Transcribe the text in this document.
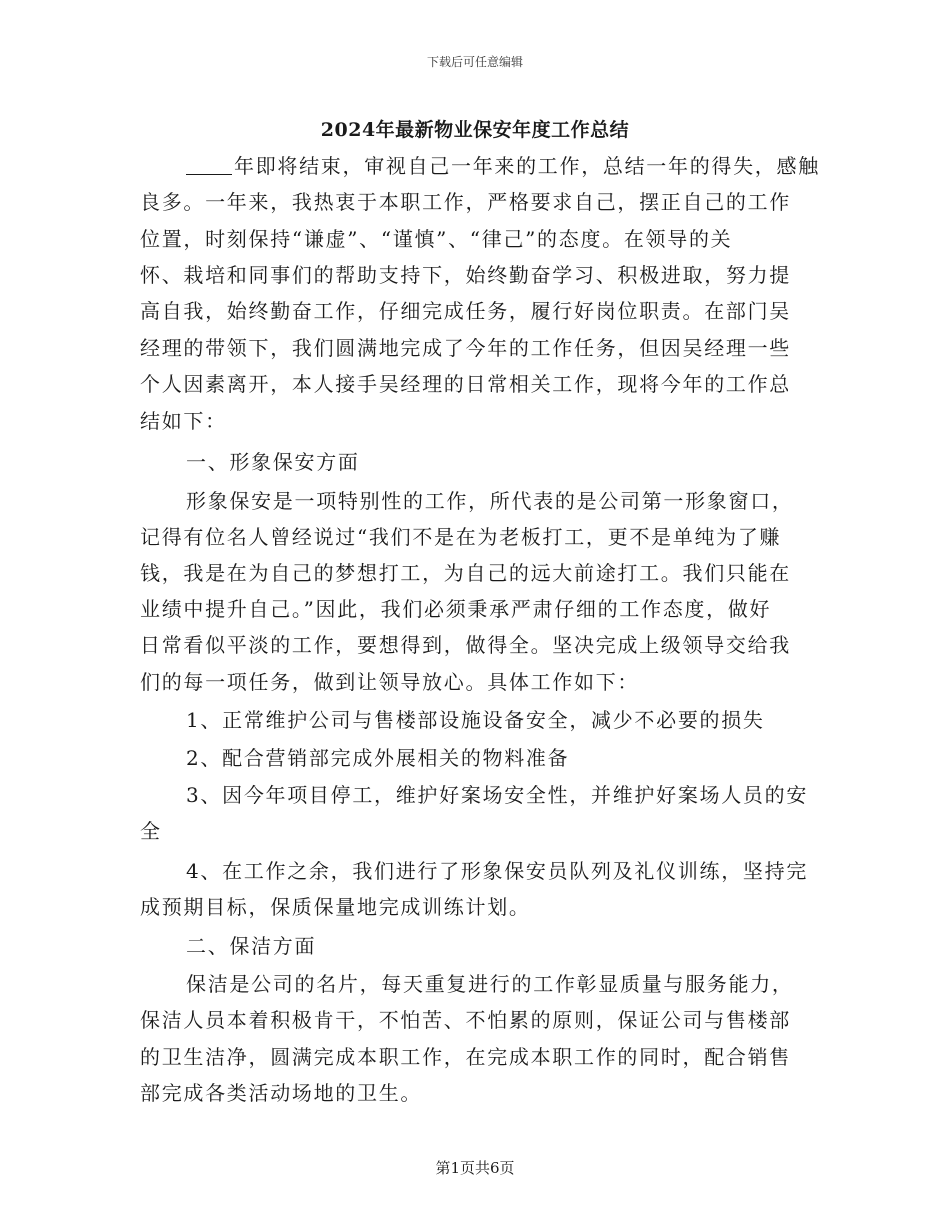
下载后可任意编辑
2024年最新物业保安年度工作总结
年即将结束，审视自己一年来的工作，总结一年的得失，感触
良多。一年来，我热衷于本职工作，严格要求自己，摆正自己的工作
位置，时刻保持“谦虚”、“谨慎”、“律己”的态度。在领导的关
怀、栽培和同事们的帮助支持下，始终勤奋学习、积极进取，努力提
高自我，始终勤奋工作，仔细完成任务，履行好岗位职责。在部门吴
经理的带领下，我们圆满地完成了今年的工作任务，但因吴经理一些
个人因素离开，本人接手吴经理的日常相关工作，现将今年的工作总
结如下：
一、形象保安方面
形象保安是一项特别性的工作，所代表的是公司第一形象窗口，
记得有位名人曾经说过“我们不是在为老板打工，更不是单纯为了赚
钱，我是在为自己的梦想打工，为自己的远大前途打工。我们只能在
业绩中提升自己。”因此，我们必须秉承严肃仔细的工作态度，做好
日常看似平淡的工作，要想得到，做得全。坚决完成上级领导交给我
们的每一项任务，做到让领导放心。具体工作如下：
1、正常维护公司与售楼部设施设备安全，减少不必要的损失
2、配合营销部完成外展相关的物料准备
3、因今年项目停工，维护好案场安全性，并维护好案场人员的安
全
4、在工作之余，我们进行了形象保安员队列及礼仪训练，坚持完
成预期目标，保质保量地完成训练计划。
二、保洁方面
保洁是公司的名片，每天重复进行的工作彰显质量与服务能力，
保洁人员本着积极肯干，不怕苦、不怕累的原则，保证公司与售楼部
的卫生洁净，圆满完成本职工作，在完成本职工作的同时，配合销售
部完成各类活动场地的卫生。
第1页共6页
